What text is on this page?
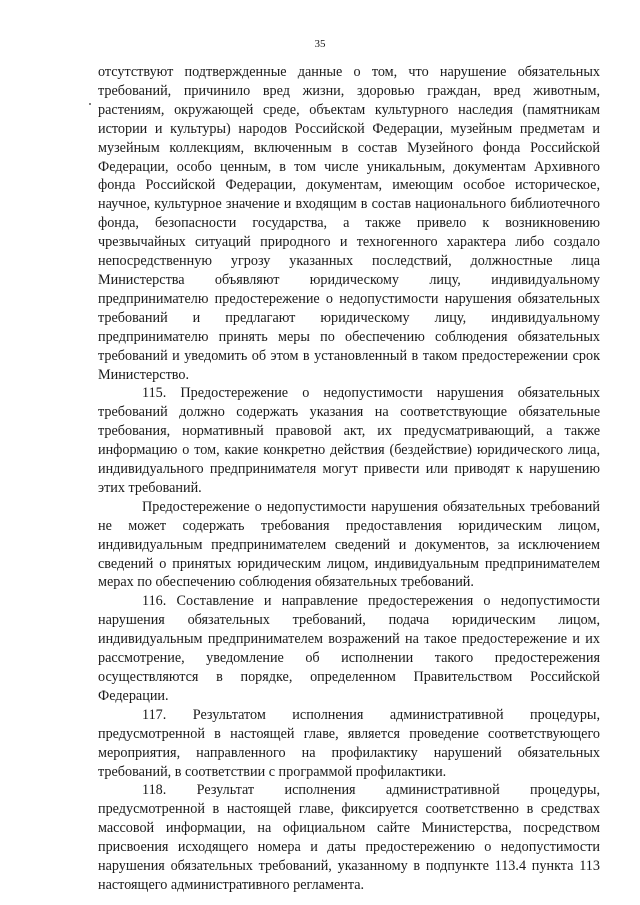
35

отсутствуют подтвержденные данные о том, что нарушение обязательных требований, причинило вред жизни, здоровью граждан, вред животным, растениям, окружающей среде, объектам культурного наследия (памятникам истории и культуры) народов Российской Федерации, музейным предметам и музейным коллекциям, включенным в состав Музейного фонда Российской Федерации, особо ценным, в том числе уникальным, документам Архивного фонда Российской Федерации, документам, имеющим особое историческое, научное, культурное значение и входящим в состав национального библиотечного фонда, безопасности государства, а также привело к возникновению чрезвычайных ситуаций природного и техногенного характера либо создало непосредственную угрозу указанных последствий, должностные лица Министерства объявляют юридическому лицу, индивидуальному предпринимателю предостережение о недопустимости нарушения обязательных требований и предлагают юридическому лицу, индивидуальному предпринимателю принять меры по обеспечению соблюдения обязательных требований и уведомить об этом в установленный в таком предостережении срок Министерство.

115. Предостережение о недопустимости нарушения обязательных требований должно содержать указания на соответствующие обязательные требования, нормативный правовой акт, их предусматривающий, а также информацию о том, какие конкретно действия (бездействие) юридического лица, индивидуального предпринимателя могут привести или приводят к нарушению этих требований.

Предостережение о недопустимости нарушения обязательных требований не может содержать требования предоставления юридическим лицом, индивидуальным предпринимателем сведений и документов, за исключением сведений о принятых юридическим лицом, индивидуальным предпринимателем мерах по обеспечению соблюдения обязательных требований.

116. Составление и направление предостережения о недопустимости нарушения обязательных требований, подача юридическим лицом, индивидуальным предпринимателем возражений на такое предостережение и их рассмотрение, уведомление об исполнении такого предостережения осуществляются в порядке, определенном Правительством Российской Федерации.

117. Результатом исполнения административной процедуры, предусмотренной в настоящей главе, является проведение соответствующего мероприятия, направленного на профилактику нарушений обязательных требований, в соответствии с программой профилактики.

118. Результат исполнения административной процедуры, предусмотренной в настоящей главе, фиксируется соответственно в средствах массовой информации, на официальном сайте Министерства, посредством присвоения исходящего номера и даты предостережению о недопустимости нарушения обязательных требований, указанному в подпункте 113.4 пункта 113 настоящего административного регламента.
